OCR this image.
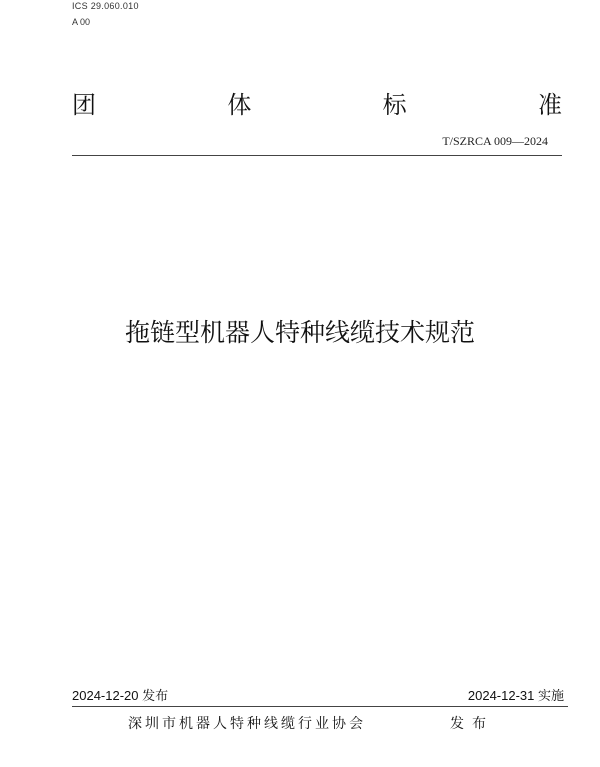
ICS 29.060.010
A 00
团	体	标	准
T/SZRCA 009—2024
拖链型机器人特种线缆技术规范
2024-12-20 发布	2024-12-31 实施
深圳市机器人特种线缆行业协会	发布
